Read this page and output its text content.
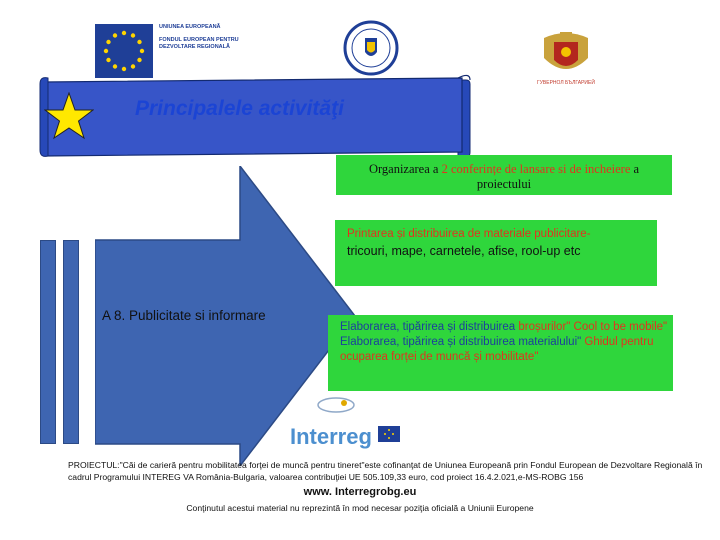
UNIUNEA EUROPEANĂ
FONDUL EUROPEAN PENTRU
DEZVOLTARE REGIONALĂ
ГУВЕРНОЛ БЪЛГАРИЕЙ
Principalele activităţi
A 8. Publicitate si informare
Organizarea a 2 conferințe de lansare si de incheiere a
proiectului
Printarea și distribuirea de materiale publicitare-
tricouri, mape, carnetele, afise, rool-up etc
Elaborarea, tipărirea și distribuirea broșurilor" Cool to be mobile"
Elaborarea, tipărirea și distribuirea materialului" Ghidul pentru ocuparea forței de muncă și mobilitate"
Interreg
PROIECTUL:"Căi de carieră pentru mobilitatea forţei de muncă pentru tineret"este cofinanţat de Uniunea Europeană prin Fondul European de Dezvoltare Regională în cadrul Programului INTEREG VA România-Bulgaria, valoarea contribuţiei UE 505.109,33 euro, cod proiect 16.4.2.021,e-MS-ROBG 156
www. Interregrobg.eu
Conţinutul acestui material nu reprezintă în mod necesar poziţia oficială a Uniunii Europene
